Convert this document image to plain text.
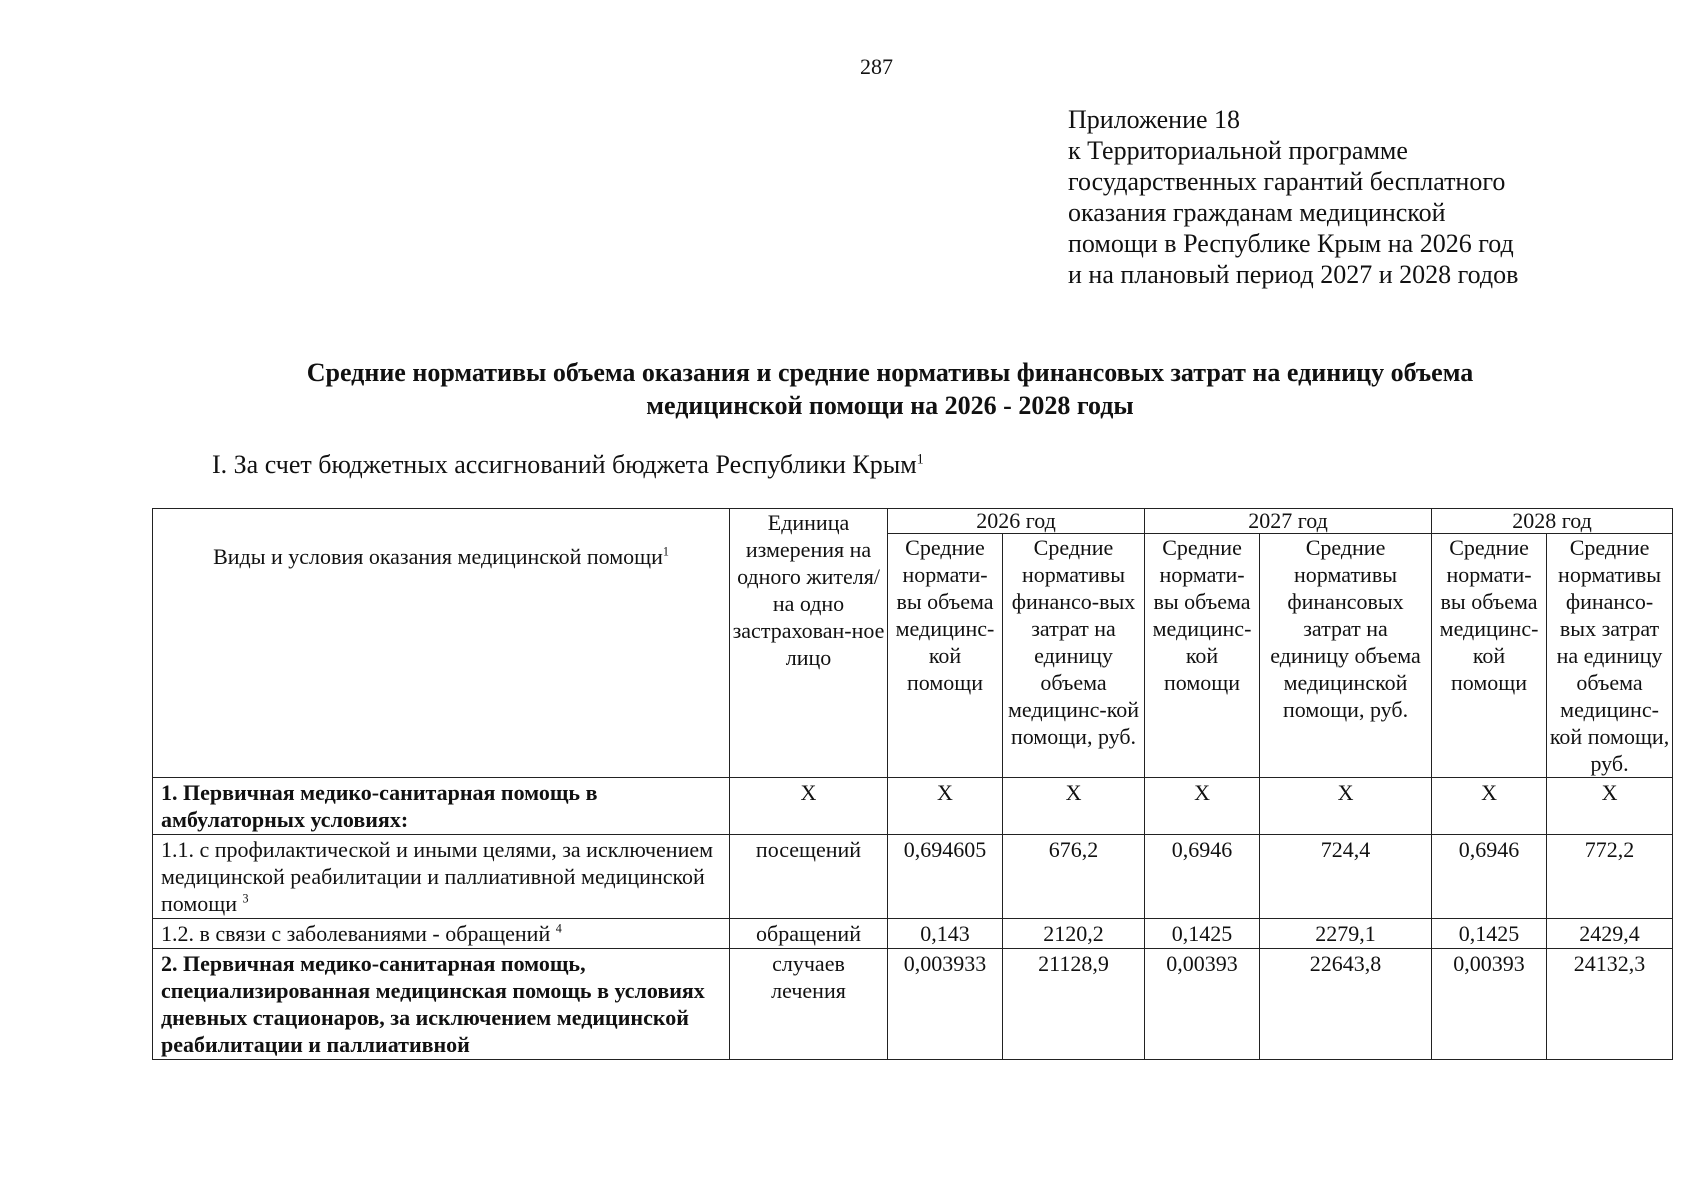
287
Приложение 18
к Территориальной программе
государственных гарантий бесплатного
оказания гражданам медицинской
помощи в Республике Крым на 2026 год
и на плановый период 2027 и 2028 годов
Средние нормативы объема оказания и средние нормативы финансовых затрат на единицу объема
медицинской помощи на 2026 - 2028 годы
I. За счет бюджетных ассигнований бюджета Республики Крым$^1$
Виды и условия оказания медицинской помощи$^1$	Единица измерения на одного жителя/ на одно застрахован-ное лицо	2026 год		2027 год		2028 год	
		Средние нормати-вы объема медицинс-кой помощи	Средние нормативы финансо-вых затрат на единицу объема медицинс-кой помощи, руб.	Средние нормати-вы объема медицинс-кой помощи	Средние нормативы финансовых затрат на единицу объема медицинской помощи, руб.	Средние нормати-вы объема медицинс-кой помощи	Средние нормативы финансо-вых затрат на единицу объема медицинс-кой помощи, руб.
1. Первичная медико-санитарная помощь в амбулаторных условиях:	Х	Х	Х	Х	Х	Х	Х
1.1. с профилактической и иными целями, за исключением медицинской реабилитации и паллиативной медицинской помощи $^3$	посещений	0,694605	676,2	0,6946	724,4	0,6946	772,2
1.2. в связи с заболеваниями - обращений $^4$	обращений	0,143	2120,2	0,1425	2279,1	0,1425	2429,4
2. Первичная медико-санитарная помощь, специализированная медицинская помощь в условиях дневных стационаров, за исключением медицинской реабилитации и паллиативной	случаев лечения	0,003933	21128,9	0,00393	22643,8	0,00393	24132,3
